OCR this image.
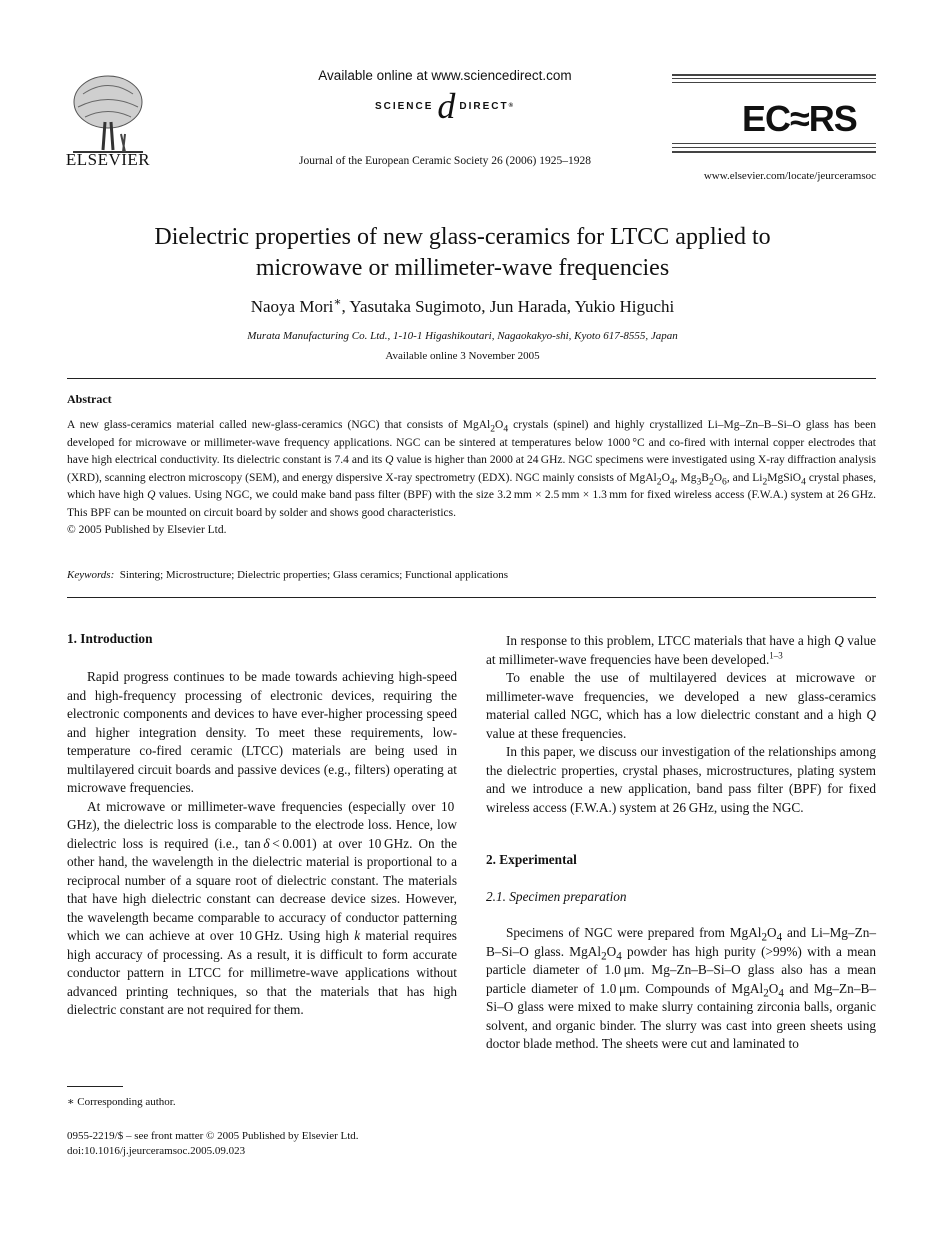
ELSEVIER
Available online at www.sciencedirect.com
SCIENCE d DIRECT ®
Journal of the European Ceramic Society 26 (2006) 1925–1928
EC≈RS
www.elsevier.com/locate/jeurceramsoc
Dielectric properties of new glass-ceramics for LTCC applied to
microwave or millimeter-wave frequencies
Naoya Mori∗, Yasutaka Sugimoto, Jun Harada, Yukio Higuchi
Murata Manufacturing Co. Ltd., 1-10-1 Higashikoutari, Nagaokakyo-shi, Kyoto 617-8555, Japan
Available online 3 November 2005
Abstract
A new glass-ceramics material called new-glass-ceramics (NGC) that consists of $MgAl_2O_4$ crystals (spinel) and highly crystallized Li–Mg–Zn–B–Si–O glass has been developed for microwave or millimeter-wave frequency applications. NGC can be sintered at temperatures below 1000 °C and co-fired with internal copper electrodes that have high electrical conductivity. Its dielectric constant is 7.4 and its Q value is higher than 2000 at 24 GHz. NGC specimens were investigated using X-ray diffraction analysis (XRD), scanning electron microscopy (SEM), and energy dispersive X-ray spectrometry (EDX). NGC mainly consists of $MgAl_2O_4$, $Mg_3B_2O_6$, and $Li_2MgSiO_4$ crystal phases, which have high Q values. Using NGC, we could make band pass filter (BPF) with the size 3.2 mm × 2.5 mm × 1.3 mm for fixed wireless access (F.W.A.) system at 26 GHz. This BPF can be mounted on circuit board by solder and shows good characteristics.
© 2005 Published by Elsevier Ltd.
Keywords: Sintering; Microstructure; Dielectric properties; Glass ceramics; Functional applications
1. Introduction

Rapid progress continues to be made towards achieving high-speed and high-frequency processing of electronic devices, requiring the electronic components and devices to have ever-higher processing speed and higher integration density. To meet these requirements, low-temperature co-fired ceramic (LTCC) materials are being used in multilayered circuit boards and passive devices (e.g., filters) operating at microwave frequencies.

At microwave or millimeter-wave frequencies (especially over 10 GHz), the dielectric loss is comparable to the electrode loss. Hence, low dielectric loss is required (i.e., tan δ < 0.001) at over 10 GHz. On the other hand, the wavelength in the dielectric material is proportional to a reciprocal number of a square root of dielectric constant. The materials that have high dielectric constant can decrease device sizes. However, the wavelength became comparable to accuracy of conductor patterning which we can achieve at over 10 GHz. Using high k material requires high accuracy of processing. As a result, it is difficult to form accurate conductor pattern in LTCC for millimetre-wave applications without advanced printing techniques, so that the materials that has high dielectric constant are not required for them.

∗ Corresponding author.
0955-2219/$ – see front matter © 2005 Published by Elsevier Ltd.
doi:10.1016/j.jeurceramsoc.2005.09.023

In response to this problem, LTCC materials that have a high Q value at millimeter-wave frequencies have been developed.$^{1-3}$

To enable the use of multilayered devices at microwave or millimeter-wave frequencies, we developed a new glass-ceramics material called NGC, which has a low dielectric constant and a high Q value at these frequencies.

In this paper, we discuss our investigation of the relationships among the dielectric properties, crystal phases, microstructures, plating system and we introduce a new application, band pass filter (BPF) for fixed wireless access (F.W.A.) system at 26 GHz, using the NGC.

2. Experimental
2.1. Specimen preparation

Specimens of NGC were prepared from $MgAl_2O_4$ and Li–Mg–Zn–B–Si–O glass. $MgAl_2O_4$ powder has high purity (>99%) with a mean particle diameter of 1.0 μm. Mg–Zn–B–Si–O glass also has a mean particle diameter of 1.0 μm. Compounds of $MgAl_2O_4$ and Mg–Zn–B–Si–O glass were mixed to make slurry containing zirconia balls, organic solvent, and organic binder. The slurry was cast into green sheets using doctor blade method. The sheets were cut and laminated to
